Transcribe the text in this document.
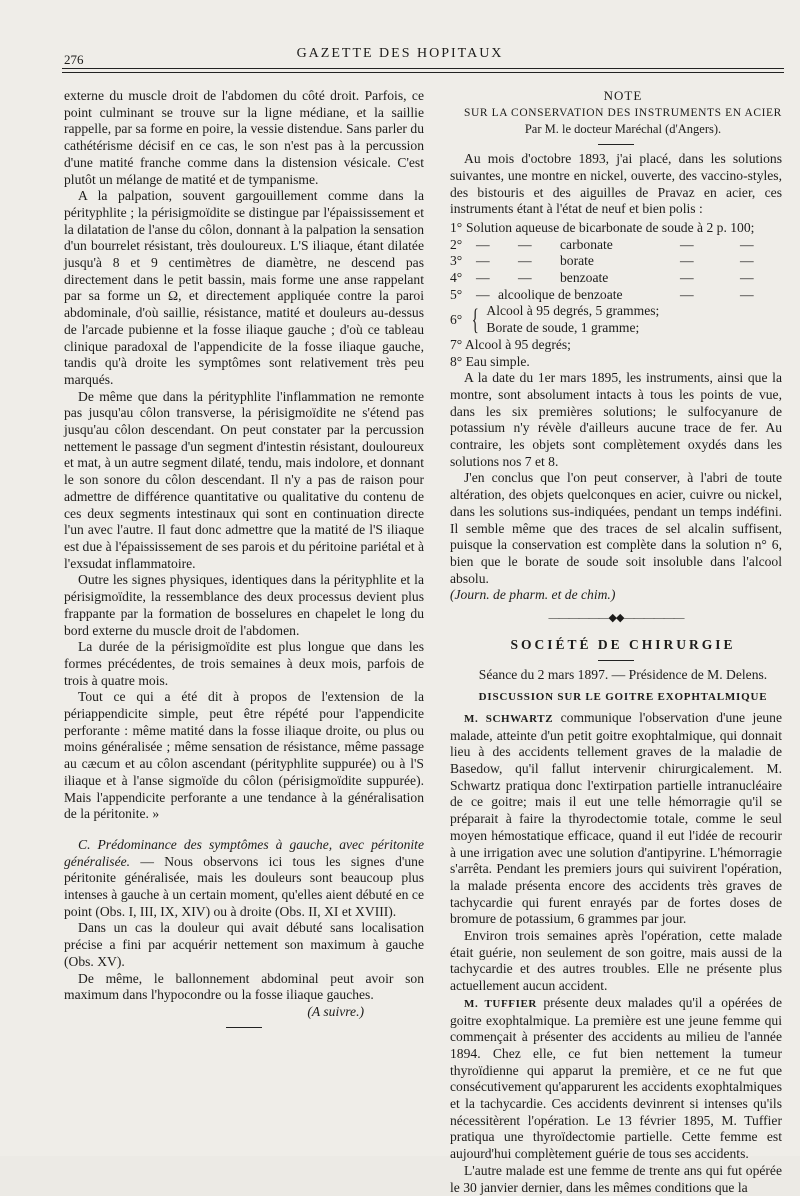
276	GAZETTE DES HOPITAUX

externe du muscle droit de l'abdomen du côté droit. Parfois, ce point culminant se trouve sur la ligne médiane, et la saillie rappelle, par sa forme en poire, la vessie distendue. Sans parler du cathétérisme décisif en ce cas, le son n'est pas à la percussion d'une matité franche comme dans la distension vésicale. C'est plutôt un mélange de matité et de tympanisme.

A la palpation, souvent gargouillement comme dans la pérityphlite ; la périsigmoïdite se distingue par l'épaississement et la dilatation de l'anse du côlon, donnant à la palpation la sensation d'un bourrelet résistant, très douloureux. L'S iliaque, étant dilatée jusqu'à 8 et 9 centimètres de diamètre, ne descend pas directement dans le petit bassin, mais forme une anse rappelant par sa forme un Ω, et directement appliquée contre la paroi abdominale, d'où saillie, résistance, matité et douleurs au-dessus de l'arcade pubienne et la fosse iliaque gauche ; d'où ce tableau clinique paradoxal de l'appendicite de la fosse iliaque gauche, tandis qu'à droite les symptômes sont relativement très peu marqués.

De même que dans la pérityphlite l'inflammation ne remonte pas jusqu'au côlon transverse, la périsigmoïdite ne s'étend pas jusqu'au côlon descendant. On peut constater par la percussion nettement le passage d'un segment d'intestin résistant, douloureux et mat, à un autre segment dilaté, tendu, mais indolore, et donnant le son sonore du côlon descendant. Il n'y a pas de raison pour admettre de différence quantitative ou qualitative du contenu de ces deux segments intestinaux qui sont en continuation directe l'un avec l'autre. Il faut donc admettre que la matité de l'S iliaque est due à l'épaississement de ses parois et du péritoine pariétal et à l'exsudat inflammatoire.

Outre les signes physiques, identiques dans la pérityphlite et la périsigmoïdite, la ressemblance des deux processus devient plus frappante par la formation de bosselures en chapelet le long du bord externe du muscle droit de l'abdomen.

La durée de la périsigmoïdite est plus longue que dans les formes précédentes, de trois semaines à deux mois, parfois de trois à quatre mois.

Tout ce qui a été dit à propos de l'extension de la périappendicite simple, peut être répété pour l'appendicite perforante : même matité dans la fosse iliaque droite, ou plus ou moins généralisée ; même sensation de résistance, même passage au cæcum et au côlon ascendant (pérityphlite suppurée) ou à l'S iliaque et à l'anse sigmoïde du côlon (périsigmoïdite suppurée). Mais l'appendicite perforante a une tendance à la généralisation de la péritonite. »

C. Prédominance des symptômes à gauche, avec péritonite généralisée. — Nous observons ici tous les signes d'une péritonite généralisée, mais les douleurs sont beaucoup plus intenses à gauche à un certain moment, qu'elles aient débuté en ce point (Obs. I, III, IX, XIV) ou à droite (Obs. II, XI et XVIII).

Dans un cas la douleur qui avait débuté sans localisation précise a fini par acquérir nettement son maximum à gauche (Obs. XV).

De même, le ballonnement abdominal peut avoir son maximum dans l'hypocondre ou la fosse iliaque gauches.

(A suivre.)

NOTE

SUR LA CONSERVATION DES INSTRUMENTS EN ACIER

Par M. le docteur Maréchal (d'Angers).

Au mois d'octobre 1893, j'ai placé, dans les solutions suivantes, une montre en nickel, ouverte, des vaccino-styles, des bistouris et des aiguilles de Pravaz en acier, ces instruments étant à l'état de neuf et bien polis :

1° Solution aqueuse de bicarbonate de soude à 2 p. 100;
2°	—	—	carbonate	—	—
3°	—	—	borate	—	—
4°	—	—	benzoate	—	—
5°	— alcoolique de benzoate	—	—
6° { Alcool à 95 degrés, 5 grammes;
Borate de soude, 1 gramme;
7° Alcool à 95 degrés;
8° Eau simple.

A la date du 1er mars 1895, les instruments, ainsi que la montre, sont absolument intacts à tous les points de vue, dans les six premières solutions; le sulfocyanure de potassium n'y révèle d'ailleurs aucune trace de fer. Au contraire, les objets sont complètement oxydés dans les solutions nos 7 et 8.

J'en conclus que l'on peut conserver, à l'abri de toute altération, des objets quelconques en acier, cuivre ou nickel, dans les solutions sus-indiquées, pendant un temps indéfini. Il semble même que des traces de sel alcalin suffisent, puisque la conservation est complète dans la solution n° 6, bien que le borate de soude soit insoluble dans l'alcool absolu.

(Journ. de pharm. et de chim.)

——————◆◆——————

SOCIÉTÉ DE CHIRURGIE

Séance du 2 mars 1897. — Présidence de M. Delens.

DISCUSSION SUR LE GOITRE EXOPHTALMIQUE

M. SCHWARTZ communique l'observation d'une jeune malade, atteinte d'un petit goitre exophtalmique, qui donnait lieu à des accidents tellement graves de la maladie de Basedow, qu'il fallut intervenir chirurgicalement. M. Schwartz pratiqua donc l'extirpation partielle intranucléaire de ce goitre; mais il eut une telle hémorragie qu'il se préparait à faire la thyrodectomie totale, comme le seul moyen hémostatique efficace, quand il eut l'idée de recourir à une irrigation avec une solution d'antipyrine. L'hémorragie s'arrêta. Pendant les premiers jours qui suivirent l'opération, la malade présenta encore des accidents très graves de tachycardie qui furent enrayés par de fortes doses de bromure de potassium, 6 grammes par jour.

Environ trois semaines après l'opération, cette malade était guérie, non seulement de son goitre, mais aussi de la tachycardie et des autres troubles. Elle ne présente plus actuellement aucun accident.

M. TUFFIER présente deux malades qu'il a opérées de goitre exophtalmique. La première est une jeune femme qui commençait à présenter des accidents au milieu de l'année 1894. Chez elle, ce fut bien nettement la tumeur thyroïdienne qui apparut la première, et ce ne fut que consécutivement qu'apparurent les accidents exophtalmiques et la tachycardie. Ces accidents devinrent si intenses qu'ils nécessitèrent l'opération. Le 13 février 1895, M. Tuffier pratiqua une thyroïdectomie partielle. Cette femme est aujourd'hui complètement guérie de tous ses accidents.

L'autre malade est une femme de trente ans qui fut opérée le 30 janvier dernier, dans les mêmes conditions que la
